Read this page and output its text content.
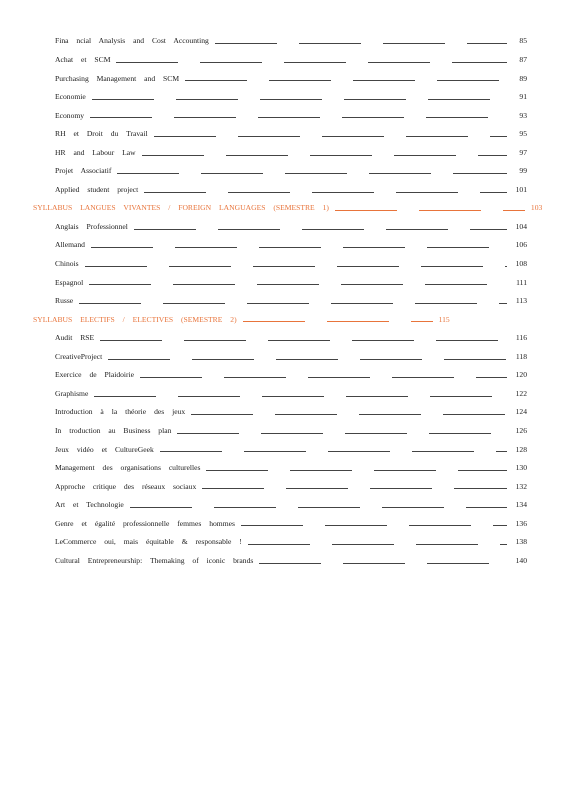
Fina ncial Analysis and Cost Accounting	85
Achat et SCM	87
Purchasing Management and SCM	89
Economie	91
Economy	93
RH et Droit du Travail	95
HR and Labour Law	97
Projet Associatif	99
Applied student project	101
SYLLABUS LANGUES VIVANTES / FOREIGN LANGUAGES (SEMESTRE 1)	103
Anglais Professionnel	104
Allemand	106
Chinois	108
Espagnol	111
Russe	113
SYLLABUS ELECTIFS / ELECTIVES (SEMESTRE 2)	115
Audit RSE	116
CreativeProject	118
Exercice de Plaidoirie	120
Graphisme	122
Introduction à la théorie des jeux	124
In troduction au Business plan	126
Jeux vidéo et CultureGeek	128
Management des organisations culturelles	130
Approche critique des réseaux sociaux	132
Art et Technologie	134
Genre et égalité professionnelle femmes hommes	136
LeCommerce oui, mais équitable & responsable !	138
Cultural Entrepreneurship: Themaking of iconic brands	140
